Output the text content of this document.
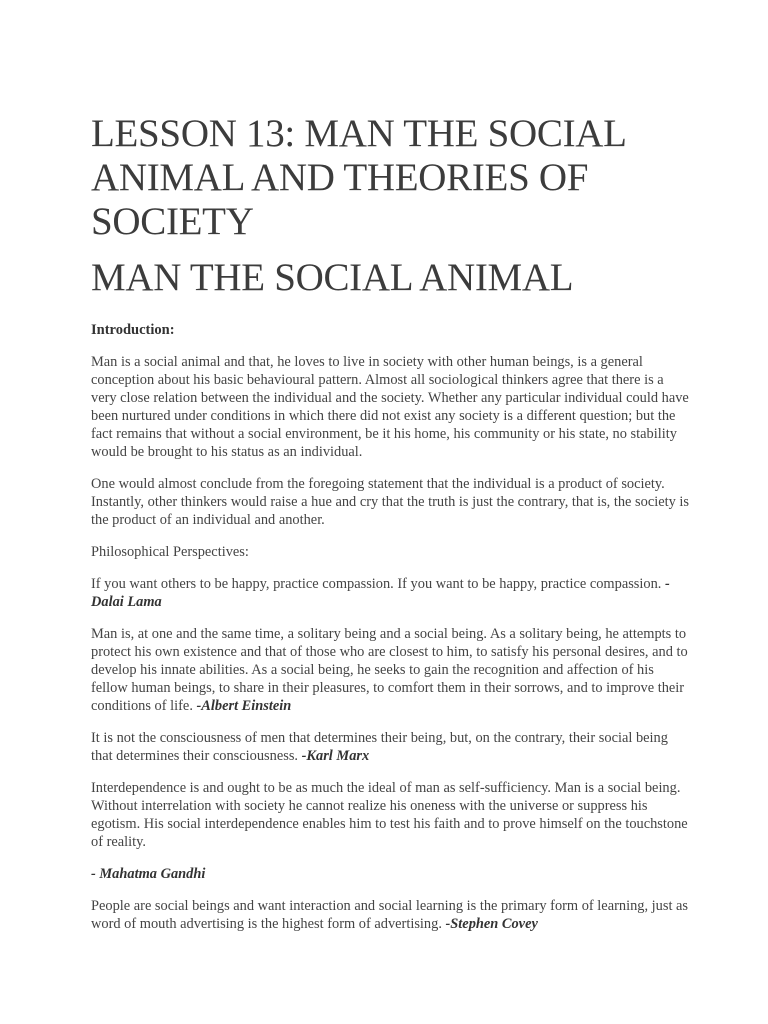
LESSON 13: MAN THE SOCIAL ANIMAL AND THEORIES OF SOCIETY
MAN THE SOCIAL ANIMAL
Introduction:

Man is a social animal and that, he loves to live in society with other human beings, is a general conception about his basic behavioural pattern. Almost all sociological thinkers agree that there is a very close relation between the individual and the society. Whether any particular individual could have been nurtured under conditions in which there did not exist any society is a different question; but the fact remains that without a social environment, be it his home, his community or his state, no stability would be brought to his status as an individual.

One would almost conclude from the foregoing statement that the individual is a product of society. Instantly, other thinkers would raise a hue and cry that the truth is just the contrary, that is, the society is the product of an individual and another.

Philosophical Perspectives:

If you want others to be happy, practice compassion. If you want to be happy, practice compassion. -Dalai Lama

Man is, at one and the same time, a solitary being and a social being. As a solitary being, he attempts to protect his own existence and that of those who are closest to him, to satisfy his personal desires, and to develop his innate abilities. As a social being, he seeks to gain the recognition and affection of his fellow human beings, to share in their pleasures, to comfort them in their sorrows, and to improve their conditions of life. -Albert Einstein

It is not the consciousness of men that determines their being, but, on the contrary, their social being that determines their consciousness. -Karl Marx

Interdependence is and ought to be as much the ideal of man as self-sufficiency. Man is a social being. Without interrelation with society he cannot realize his oneness with the universe or suppress his egotism. His social interdependence enables him to test his faith and to prove himself on the touchstone of reality.

- Mahatma Gandhi

People are social beings and want interaction and social learning is the primary form of learning, just as word of mouth advertising is the highest form of advertising. -Stephen Covey
